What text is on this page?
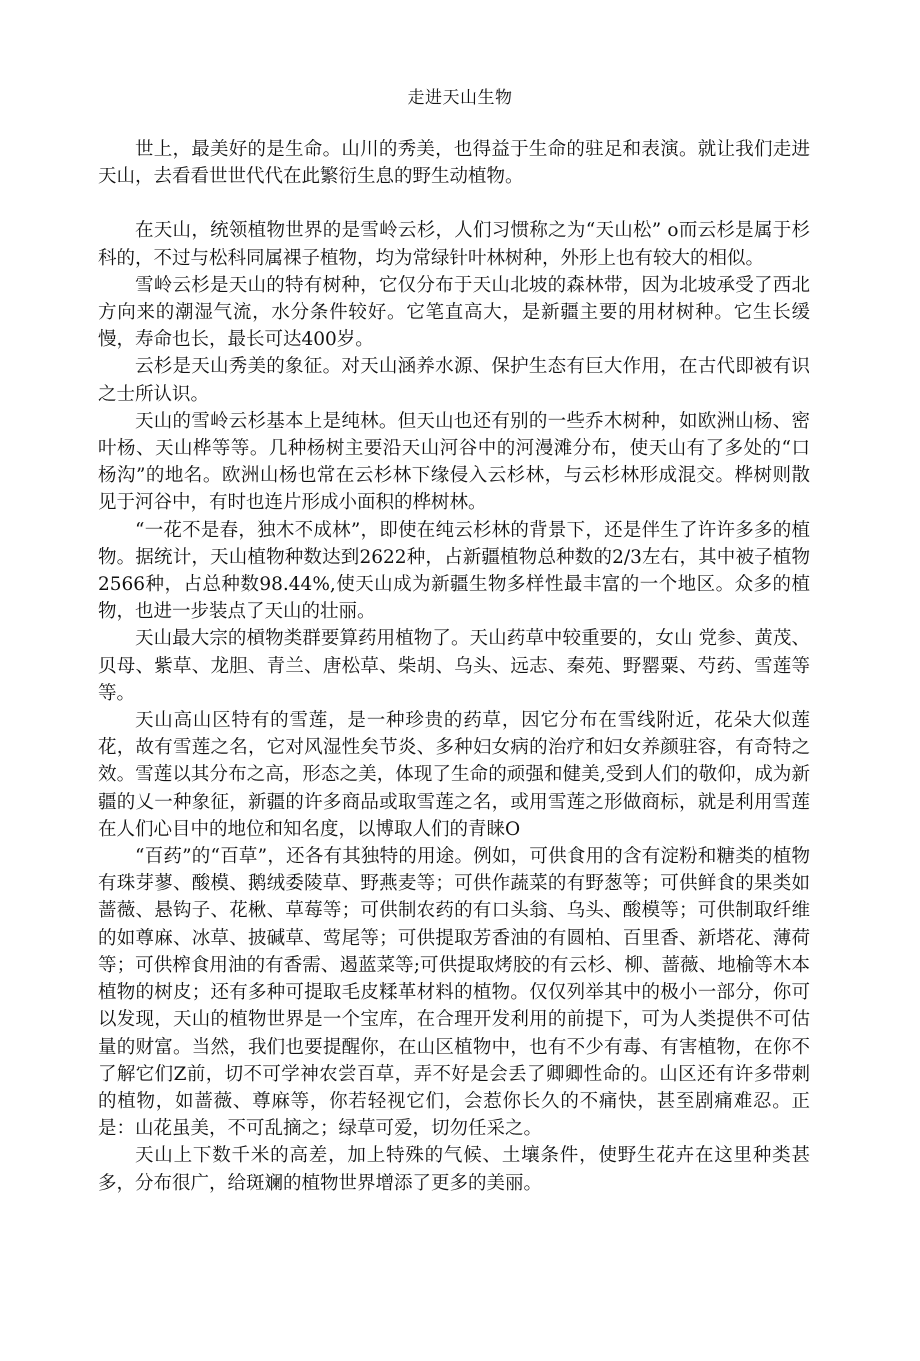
走进天山生物

世上，最美好的是生命。山川的秀美，也得益于生命的驻足和表演。就让我们走进天山，去看看世世代代在此繁衍生息的野生动植物。

在天山，统领植物世界的是雪岭云杉，人们习惯称之为“天山松” o而云杉是属于杉科的，不过与松科同属裸子植物，均为常绿针叶林树种，外形上也有较大的相似。

雪岭云杉是天山的特有树种，它仅分布于天山北坡的森林带，因为北坡承受了西北方向来的潮湿气流，水分条件较好。它笔直高大，是新疆主要的用材树种。它生长缓慢，寿命也长，最长可达400岁。

云杉是天山秀美的象征。对天山涵养水源、保护生态有巨大作用，在古代即被有识之士所认识。

天山的雪岭云杉基本上是纯林。但天山也还有别的一些乔木树种，如欧洲山杨、密叶杨、天山桦等等。几种杨树主要沿天山河谷中的河漫滩分布，使天山有了多处的“口杨沟”的地名。欧洲山杨也常在云杉林下缘侵入云杉林，与云杉林形成混交。桦树则散见于河谷中，有时也连片形成小面积的桦树林。

“一花不是春，独木不成林”，即使在纯云杉林的背景下，还是伴生了许许多多的植物。据统计，天山植物种数达到2622种，占新疆植物总种数的2/3左右，其中被子植物2566种，占总种数98.44%,使天山成为新疆生物多样性最丰富的一个地区。众多的植物，也进一步装点了天山的壮丽。

天山最大宗的槓物类群要算药用植物了。天山药草中较重要的，女山 党参、黄茂、贝母、紫草、龙胆、青兰、唐松草、柴胡、乌头、远志、秦苑、野罂粟、芍药、雪莲等等。

天山高山区特有的雪莲，是一种珍贵的药草，因它分布在雪线附近，花朵大似莲花，故有雪莲之名，它对风湿性矣节炎、多种妇女病的治疗和妇女养颜驻容，有奇特之效。雪莲以其分布之高，形态之美，体现了生命的顽强和健美,受到人们的敬仰，成为新疆的乂一种象征，新疆的许多商品或取雪莲之名，或用雪莲之形做商标，就是利用雪莲在人们心目中的地位和知名度，以博取人们的青睐O

“百药”的“百草”，还各有其独特的用途。例如，可供食用的含有淀粉和糖类的植物有珠芽蓼、酸模、鹅绒委陵草、野燕麦等；可供作蔬菜的有野葱等；可供鲜食的果类如蔷薇、悬钩子、花楸、草莓等；可供制农药的有口头翁、乌头、酸模等；可供制取纤维的如尊麻、冰草、披碱草、莺尾等；可供提取芳香油的有圆柏、百里香、新塔花、薄荷等；可供榨食用油的有香需、遏蓝菜等;可供提取烤胶的有云杉、柳、蔷薇、地榆等木本植物的树皮；还有多种可提取毛皮糅革材料的植物。仅仅列举其中的极小一部分，你可以发现，天山的植物世界是一个宝库，在合理开发利用的前提下，可为人类提供不可估量的财富。当然，我们也要提醒你，在山区植物中，也有不少有毒、有害植物，在你不了解它们Z前，切不可学神农尝百草，弄不好是会丢了卿卿性命的。山区还有许多带刺的植物，如蔷薇、尊麻等，你若轻视它们，会惹你长久的不痛快，甚至剧痛难忍。正是：山花虽美，不可乱摘之；绿草可爱，切勿任采之。

天山上下数千米的高差，加上特殊的气候、土壤条件，使野生花卉在这里种类甚多，分布很广，给斑斓的植物世界增添了更多的美丽。
